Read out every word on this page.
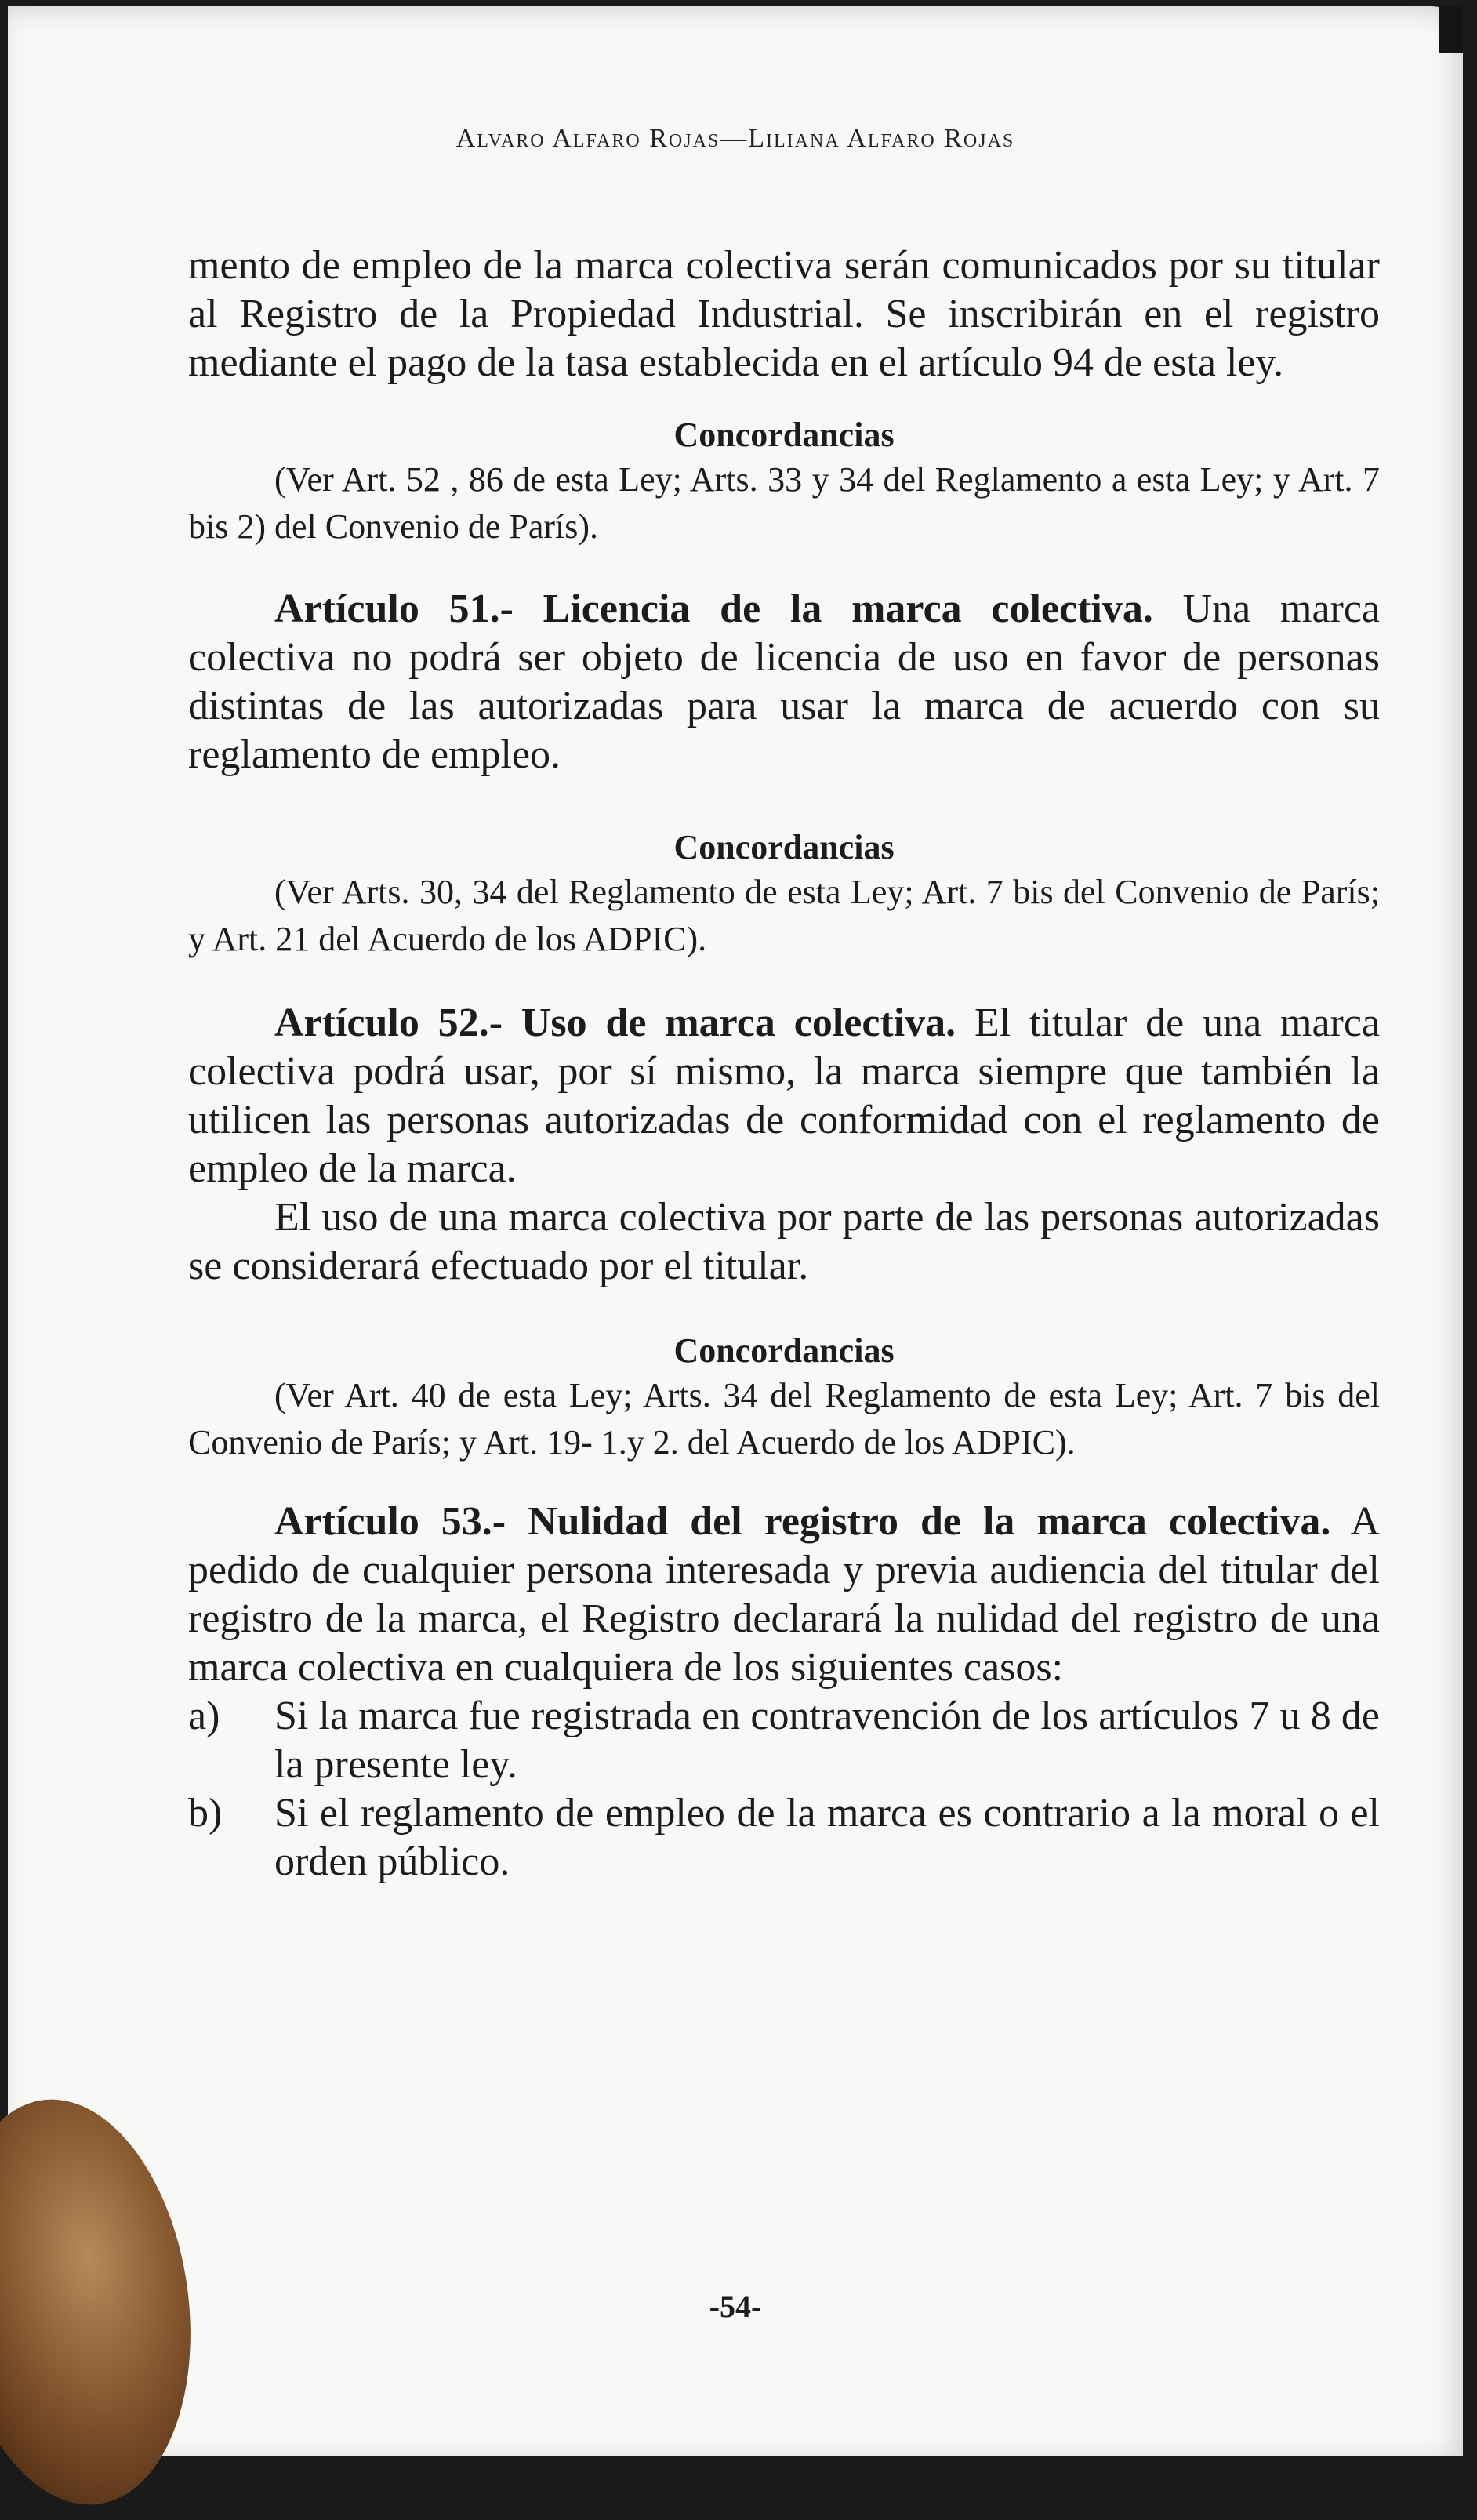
Alvaro Alfaro Rojas—Liliana Alfaro Rojas

mento de empleo de la marca colectiva serán comunicados por su titular al Registro de la Propiedad Industrial. Se inscribirán en el registro mediante el pago de la tasa establecida en el artículo 94 de esta ley.

Concordancias

(Ver Art. 52 , 86 de esta Ley; Arts. 33 y 34 del Reglamento a esta Ley; y Art. 7 bis 2) del Convenio de París).

Artículo 51.- Licencia de la marca colectiva. Una marca colectiva no podrá ser objeto de licencia de uso en favor de personas distintas de las autorizadas para usar la marca de acuerdo con su reglamento de empleo.

Concordancias

(Ver Arts. 30, 34 del Reglamento de esta Ley; Art. 7 bis del Convenio de París; y Art. 21 del Acuerdo de los ADPIC).

Artículo 52.- Uso de marca colectiva. El titular de una marca colectiva podrá usar, por sí mismo, la marca siempre que también la utilicen las personas autorizadas de conformidad con el reglamento de empleo de la marca.

El uso de una marca colectiva por parte de las personas autorizadas se considerará efectuado por el titular.

Concordancias

(Ver Art. 40 de esta Ley; Arts. 34 del Reglamento de esta Ley; Art. 7 bis del Convenio de París; y Art. 19- 1.y 2. del Acuerdo de los ADPIC).

Artículo 53.- Nulidad del registro de la marca colectiva. A pedido de cualquier persona interesada y previa audiencia del titular del registro de la marca, el Registro declarará la nulidad del registro de una marca colectiva en cualquiera de los siguientes casos:

a)	Si la marca fue registrada en contravención de los artículos 7 u 8 de la presente ley.
b)	Si el reglamento de empleo de la marca es contrario a la moral o el orden público.
-54-
